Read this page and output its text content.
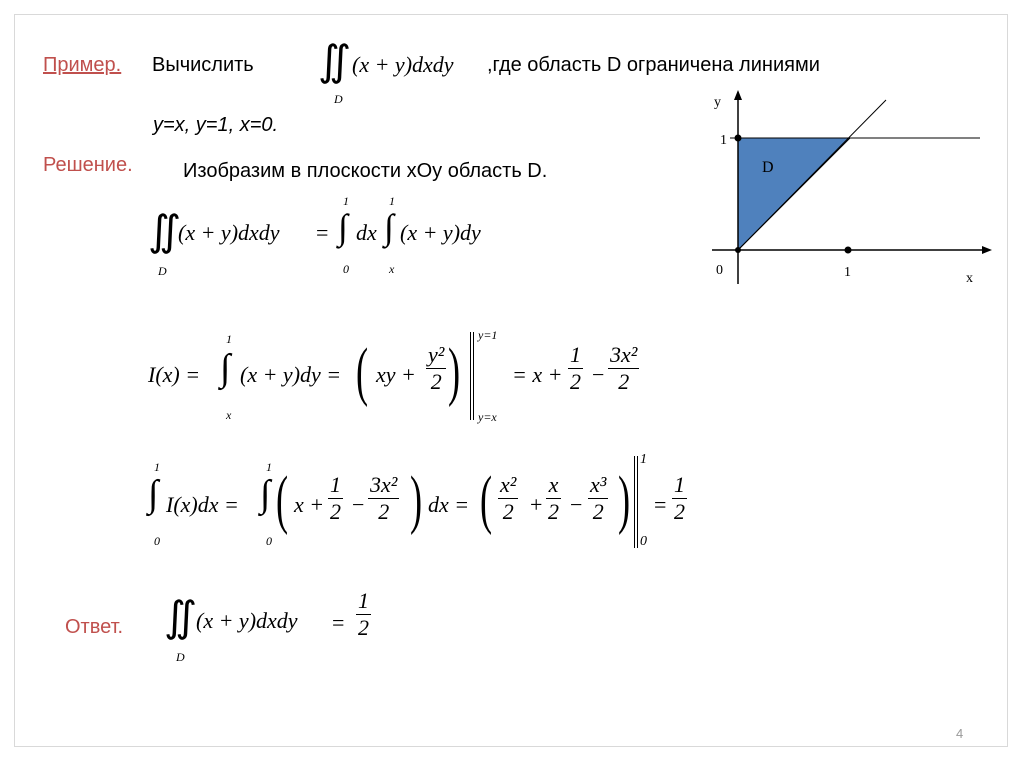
Пример. Вычислить ∬ (x + y)dxdy
D
,где область D ограничена линиями
y=x, y=1, x=0.
Решение.	Изобразим в плоскости xOy область D.
∬
(x + y)dxdy
D
=
1
∫
0
dx
1
∫
x
(x + y)dy
I(x) =
1
∫
x
(x + y)dy = ( xy + $\frac{\text{y²}}{2}$ ) y=1
y=x
= $x + \frac{1}{2} - \frac{\text{3x²}}{2}$
1
∫
0
I(x)dx =
1
∫
0
( $x + \frac{1}{2} - \frac{\text{3x²}}{2}$ ) dx = ( $\frac{\text{x²}}{2} + \frac{x}{2} - \frac{\text{x³}}{2}$ )
1
0
= $\frac{1}{2}$
Ответ. ∬
(x + y)dxdy
D
= $\frac{1}{2}$
y
x
0
1
1
D
4
